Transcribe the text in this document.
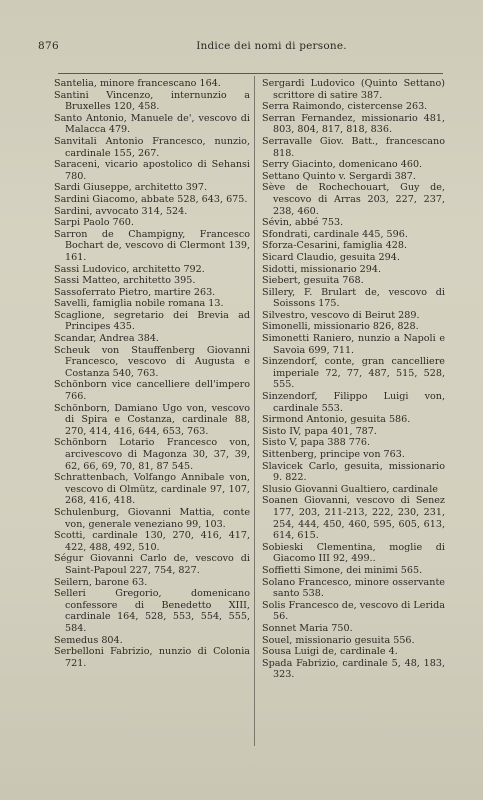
876	Indice dei nomi di persone.

Santelia, minore francescano 164.

Santini Vincenzo, internunzio a Bruxelles 120, 458.

Santo Antonio, Manuele de', vescovo di Malacca 479.

Sanvitali Antonio Francesco, nunzio, cardinale 155, 267.

Saraceni, vicario apostolico di Sehansi 780.

Sardi Giuseppe, architetto 397.

Sardini Giacomo, abbate 528, 643, 675.

Sardini, avvocato 314, 524.

Sarpi Paolo 760.

Sarron de Champigny, Francesco Bochart de, vescovo di Clermont 139, 161.

Sassi Ludovico, architetto 792.

Sassi Matteo, architetto 395.

Sassoferrato Pietro, martire 263.

Savelli, famiglia nobile romana 13.

Scaglione, segretario dei Brevia ad Principes 435.

Scandar, Andrea 384.

Scheuk von Stauffenberg Giovanni Francesco, vescovo di Augusta e Costanza 540, 763.

Schönborn vice cancelliere dell'impero 766.

Schönborn, Damiano Ugo von, vescovo di Spira e Costanza, cardinale 88, 270, 414, 416, 644, 653, 763.

Schönborn Lotario Francesco von, arcivescovo di Magonza 30, 37, 39, 62, 66, 69, 70, 81, 87 545.

Schrattenbach, Volfango Annibale von, vescovo di Olmütz, cardinale 97, 107, 268, 416, 418.

Schulenburg, Giovanni Mattia, conte von, generale veneziano 99, 103.

Scotti, cardinale 130, 270, 416, 417, 422, 488, 492, 510.

Ségur Giovanni Carlo de, vescovo di Saint-Papoul 227, 754, 827.

Seilern, barone 63.

Selleri Gregorio, domenicano confessore di Benedetto XIII, cardinale 164, 528, 553, 554, 555, 584.

Semedus 804.

Serbelloni Fabrizio, nunzio di Colonia 721.

Sergardi Ludovico (Quinto Settano) scrittore di satire 387.

Serra Raimondo, cistercense 263.

Serran Fernandez, missionario 481, 803, 804, 817, 818, 836.

Serravalle Giov. Batt., francescano 818.

Serry Giacinto, domenicano 460.

Settano Quinto v. Sergardi 387.

Sève de Rochechouart, Guy de, vescovo di Arras 203, 227, 237, 238, 460.

Sévin, abbé 753.

Sfondrati, cardinale 445, 596.

Sforza-Cesarini, famiglia 428.

Sicard Claudio, gesuita 294.

Sidotti, missionario 294.

Siebert, gesuita 768.

Sillery, F. Brulart de, vescovo di Soissons 175.

Silvestro, vescovo di Beirut 289.

Simonelli, missionario 826, 828.

Simonetti Raniero, nunzio a Napoli e Savoia 699, 711.

Sinzendorf, conte, gran cancelliere imperiale 72, 77, 487, 515, 528, 555.

Sinzendorf, Filippo Luigi von, cardinale 553.

Sirmond Antonio, gesuita 586.

Sisto IV, papa 401, 787.

Sisto V, papa 388 776.

Sittenberg, principe von 763.

Slavicek Carlo, gesuita, missionario 9. 822.

Slusio Giovanni Gualtiero, cardinale

Soanen Giovanni, vescovo di Senez 177, 203, 211-213, 222, 230, 231, 254, 444, 450, 460, 595, 605, 613, 614, 615.

Sobieski Clementina, moglie di Giacomo III 92, 499..

Soffietti Simone, dei minimi 565.

Solano Francesco, minore osservante santo 538.

Solis Francesco de, vescovo di Lerida 56.

Sonnet Maria 750.

Souel, missionario gesuita 556.

Sousa Luigi de, cardinale 4.

Spada Fabrizio, cardinale 5, 48, 183, 323.
